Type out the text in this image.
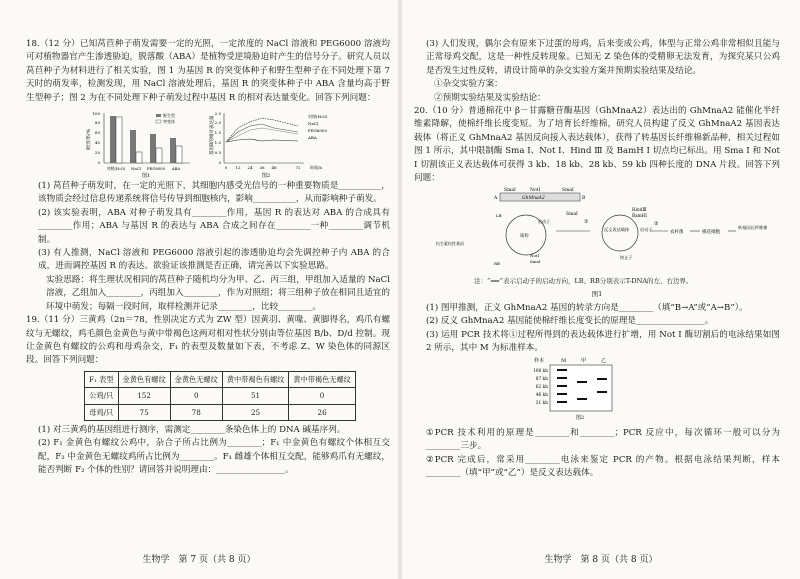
18.（12 分）已知莴苣种子萌发需要一定的光照，一定浓度的 NaCl 溶液和 PEG6000 溶液均可对植物器官产生渗透胁迫，脱落酸（ABA）是植物受逆境胁迫时产生的信号分子。研究人员以莴苣种子为材料进行了相关实验，图 1 为基因 R 的突变体种子和野生型种子在不同处理下第 7 天时的萌发率，检测发现，用 NaCl 溶液处理后，基因 R 的突变体种子中 ABA 含量均高于野生型种子；图 2 为在不同处理下种子萌发过程中基因 R 的相对表达量变化。回答下列问题：

萌发率/%
0
20
40
60
80
100	野生型
突变体
对照(H₂O) NaCl PEG6000 ABA
图1
基因R的相对表达量
0
0.5
1.0
1.5
2.0
2.5
0 12 24 36 48	72 时间/h
对照(H₂O)
NaCl
PEG6000
ABA
图2

(1) 莴苣种子萌发时，在一定的光照下，其细胞内感受光信号的一种重要物质是__________，该物质会经过信息传递系统将信号传导到细胞核内，影响__________，从而影响种子萌发。

(2) 该实验表明，ABA 对种子萌发具有________作用，基因 R 的表达对 ABA 的合成具有________作用；ABA 与基因 R 的表达与 ABA 合成之间存在________一种________调节机制。

(3) 有人推测，NaCl 溶液和 PEG6000 溶液引起的渗透胁迫均会先调控种子内 ABA 的合成，进而调控基因 R 的表达。欲验证该推测是否正确，请完善以下实验思路。

实验思路：将生理状况相同的莴苣种子随机均分为甲、乙、丙三组，甲组加入适量的 NaCl 溶液，乙组加入________，丙组加入________，作为对照组；将三组种子放在相同且适宜的环境中萌发；每隔一段时间，取样检测并记录________，比较________。

19.（11 分）三黄鸡（2n＝78，性别决定方式为 ZW 型）因黄羽、黄喙、黄脚得名，鸡爪有螺纹与无螺纹，鸡毛颜色金黄色与黄中带褐色这两对相对性状分别由等位基因 B/b、D/d 控制。现让金黄色有螺纹的公鸡和母鸡杂交，F₁ 的表型及数量如下表，不考虑 Z、W 染色体的同源区段。回答下列问题：

F₁ 表型	金黄色有螺纹	金黄色无螺纹	黄中带褐色有螺纹	黄中带褐色无螺纹
公鸡/只	152	0	51	0
母鸡/只	75	78	25	26

(1) 对三黄鸡的基因组进行测序，需测定________条染色体上的 DNA 碱基序列。

(2) F₁ 金黄色有螺纹公鸡中，杂合子所占比例为________；F₁ 中金黄色有螺纹个体相互交配，F₂ 中金黄色无螺纹鸡所占比例为________。F₁ 雌雄个体相互交配，能够鸡爪有无螺纹，能否判断 F₂ 个体的性别？请回答并说明理由：________________。

生物学　第 7 页（共 8 页）

(3) 人们发现，偶尔会有原来下过蛋的母鸡，后来变成公鸡，体型与正常公鸡非常相似且能与正常母鸡交配，这是一种性反转现象。已知无 Z 染色体的受精卵无法发育，为探究某只公鸡是否发生过性反转，请设计简单的杂交实验方案并预期实验结果及结论。

①杂交实验方案：

②预期实验结果及实验结论：

20.（10 分）普通棉花中 β－甘露糖苷酶基因（GhMnaA2）表达出的 GhMnaA2 能催化半纤维素降解，使棉纤维长度变短。为了培育长纤维棉，研究人员构建了反义 GhMnaA2 基因表达载体（将正义 GhMnaA2 基因反向接入表达载体），获得了转基因长纤维棉新品种，相关过程如图 1 所示，其中限制酶 Sma Ⅰ、Not Ⅰ、Hind Ⅲ 及 BamH Ⅰ 切点均已标出。用 Sma Ⅰ 和 Not Ⅰ 切割该正义表达载体可获得 3 kb、18 kb、28 kb、59 kb 四种长度的 DNA 片段。回答下列问题：

SmaⅠ	NotⅠ	SmaⅠ
A	GhMnaA2	B
质粒
启动子
NotⅠ
SmaⅠ
LB
RB
抗生素抗性基因
SmaⅠ
①
反义表达载体
HindⅢ
BamHⅠ
启动子
终止子
②
农杆菌	棉花细胞
转基因长纤维棉

注：“⟹”表示启动子的启动方向，LB、RB分别表示T-DNA的左、右边界。

图1

(1) 图甲推测，正义 GhMnaA2 基因的转录方向是________（填“B→A”或“A→B”）。

(2) 反义 GhMnaA2 基因能使棉纤维长度变长的原理是________________。

(3) 运用 PCR 技术将①过程所得到的表达载体进行扩增，用 Not Ⅰ 酶切割后的电泳结果如图 2 所示，其中 M 为标准样本。

样本	M	甲	乙
108 kb
87 kb
62 kb
46 kb
31 kb
图2

①PCR 技术利用的原理是________和________；PCR 反应中，每次循环一般可以分为________三步。

②PCR 完成后，常采用________电泳来鉴定 PCR 的产物。根据电泳结果判断，样本________（填“甲”或“乙”）是反义表达载体。

生物学　第 8 页（共 8 页）
